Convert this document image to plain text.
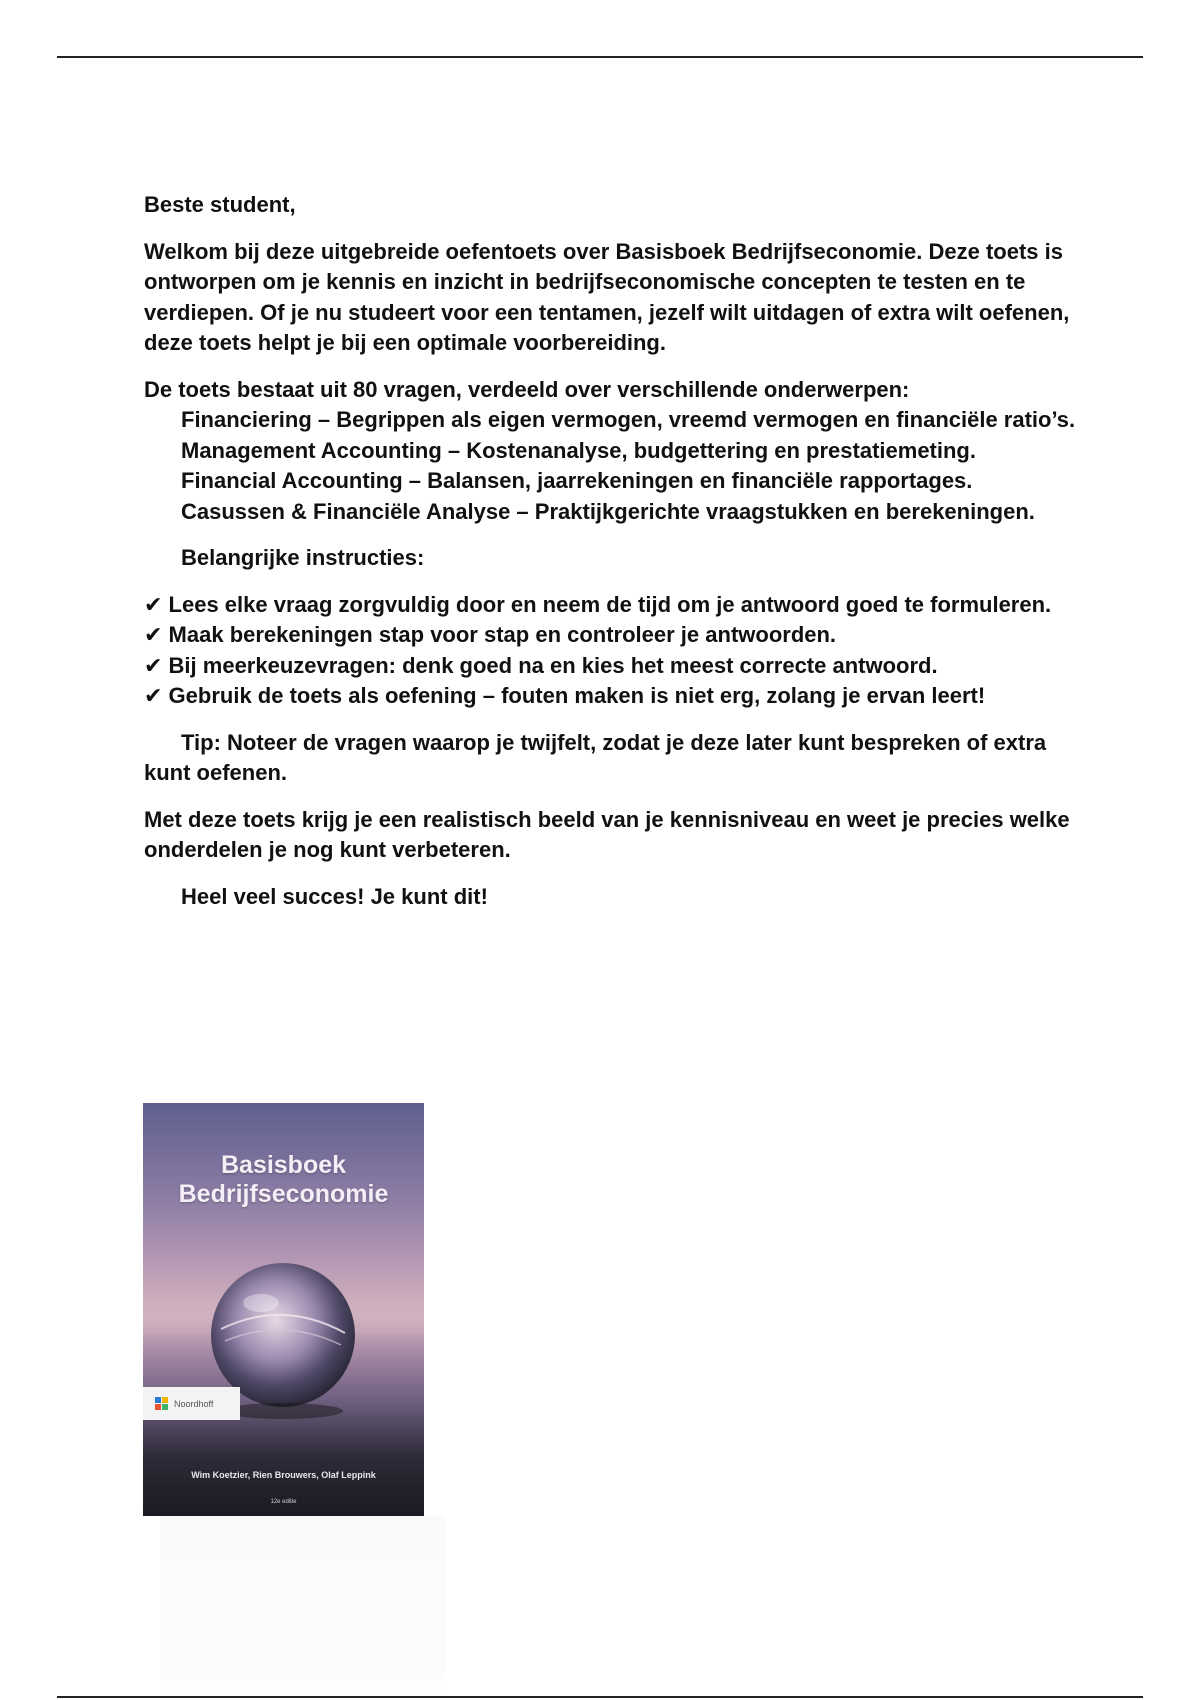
Beste student,

Welkom bij deze uitgebreide oefentoets over Basisboek Bedrijfseconomie. Deze toets is ontworpen om je kennis en inzicht in bedrijfseconomische concepten te testen en te verdiepen. Of je nu studeert voor een tentamen, jezelf wilt uitdagen of extra wilt oefenen, deze toets helpt je bij een optimale voorbereiding.

De toets bestaat uit 80 vragen, verdeeld over verschillende onderwerpen:
Financiering – Begrippen als eigen vermogen, vreemd vermogen en financiële ratio’s.
Management Accounting – Kostenanalyse, budgettering en prestatiemeting.
Financial Accounting – Balansen, jaarrekeningen en financiële rapportages.
Casussen & Financiële Analyse – Praktijkgerichte vraagstukken en berekeningen.

Belangrijke instructies:

✔ Lees elke vraag zorgvuldig door en neem de tijd om je antwoord goed te formuleren.
✔ Maak berekeningen stap voor stap en controleer je antwoorden.
✔ Bij meerkeuzevragen: denk goed na en kies het meest correcte antwoord.
✔ Gebruik de toets als oefening – fouten maken is niet erg, zolang je ervan leert!

Tip: Noteer de vragen waarop je twijfelt, zodat je deze later kunt bespreken of extra kunt oefenen.

Met deze toets krijg je een realistisch beeld van je kennisniveau en weet je precies welke onderdelen je nog kunt verbeteren.

Heel veel succes! Je kunt dit!

Basisboek
Bedrijfseconomie
Noordhoff
Wim Koetzier, Rien Brouwers, Olaf Leppink
12e editie
